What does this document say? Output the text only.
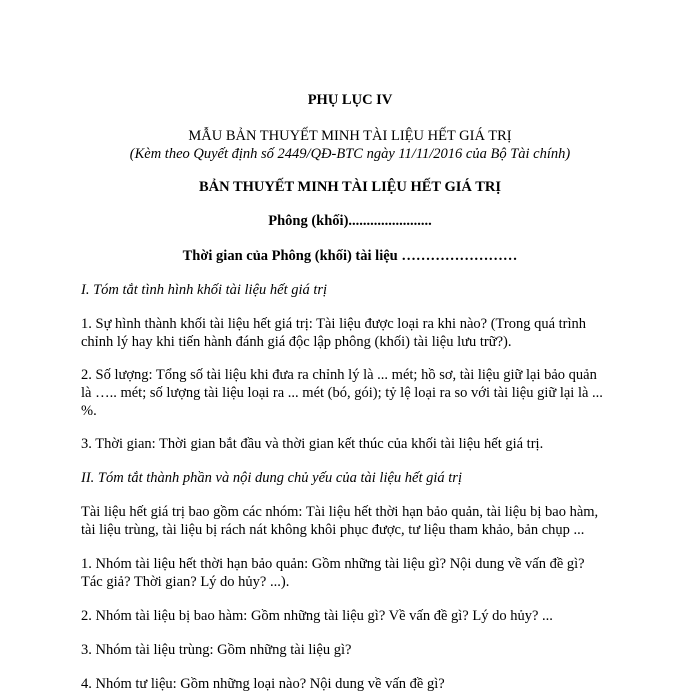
PHỤ LỤC IV
MẪU BẢN THUYẾT MINH TÀI LIỆU HẾT GIÁ TRỊ
(Kèm theo Quyết định số 2449/QĐ-BTC ngày 11/11/2016 của Bộ Tài chính)
BẢN THUYẾT MINH TÀI LIỆU HẾT GIÁ TRỊ
Phông (khối).......................
Thời gian của Phông (khối) tài liệu ……………………
I. Tóm tắt tình hình khối tài liệu hết giá trị
1. Sự hình thành khối tài liệu hết giá trị: Tài liệu được loại ra khi nào? (Trong quá trình
chỉnh lý hay khi tiến hành đánh giá độc lập phông (khối) tài liệu lưu trữ?).
2. Số lượng: Tổng số tài liệu khi đưa ra chỉnh lý là ... mét; hồ sơ, tài liệu giữ lại bảo quản
là ….. mét; số lượng tài liệu loại ra ... mét (bó, gói); tỷ lệ loại ra so với tài liệu giữ lại là ...
%.
3. Thời gian: Thời gian bắt đầu và thời gian kết thúc của khối tài liệu hết giá trị.
II. Tóm tắt thành phần và nội dung chủ yếu của tài liệu hết giá trị
Tài liệu hết giá trị bao gồm các nhóm: Tài liệu hết thời hạn bảo quản, tài liệu bị bao hàm,
tài liệu trùng, tài liệu bị rách nát không khôi phục được, tư liệu tham khảo, bản chụp ...
1. Nhóm tài liệu hết thời hạn bảo quản: Gồm những tài liệu gì? Nội dung về vấn đề gì?
Tác giả? Thời gian? Lý do hủy? ...).
2. Nhóm tài liệu bị bao hàm: Gồm những tài liệu gì? Về vấn đề gì? Lý do hủy? ...
3. Nhóm tài liệu trùng: Gồm những tài liệu gì?
4. Nhóm tư liệu: Gồm những loại nào? Nội dung về vấn đề gì?
